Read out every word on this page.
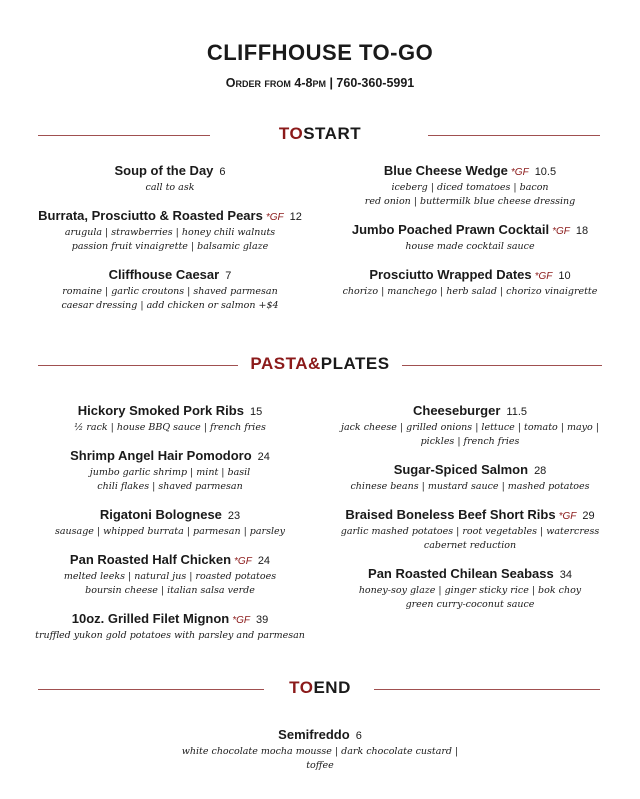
CLIFFHOUSE TO-GO
Order from 4-8pm | 760-360-5991
TOSTART
Soup of the Day 6
call to ask
Burrata, Prosciutto & Roasted Pears *GF 12
arugula | strawberries | honey chili walnuts
passion fruit vinaigrette | balsamic glaze
Cliffhouse Caesar 7
romaine | garlic croutons | shaved parmesan
caesar dressing | add chicken or salmon +$4
Blue Cheese Wedge *GF 10.5
iceberg | diced tomatoes | bacon
red onion | buttermilk blue cheese dressing
Jumbo Poached Prawn Cocktail *GF 18
house made cocktail sauce
Prosciutto Wrapped Dates *GF 10
chorizo | manchego | herb salad | chorizo vinaigrette
PASTA&PLATES
Hickory Smoked Pork Ribs 15
½ rack | house BBQ sauce | french fries
Shrimp Angel Hair Pomodoro 24
jumbo garlic shrimp | mint | basil
chili flakes | shaved parmesan
Rigatoni Bolognese 23
sausage | whipped burrata | parmesan | parsley
Pan Roasted Half Chicken *GF 24
melted leeks | natural jus | roasted potatoes
boursin cheese | italian salsa verde
10oz. Grilled Filet Mignon *GF 39
truffled yukon gold potatoes with parsley and parmesan
Cheeseburger 11.5
jack cheese | grilled onions | lettuce | tomato | mayo |
pickles | french fries
Sugar-Spiced Salmon 28
chinese beans | mustard sauce | mashed potatoes
Braised Boneless Beef Short Ribs *GF 29
garlic mashed potatoes | root vegetables | watercress
cabernet reduction
Pan Roasted Chilean Seabass 34
honey-soy glaze | ginger sticky rice | bok choy
green curry-coconut sauce
TOEND
Semifreddo 6
white chocolate mocha mousse | dark chocolate custard | toffee
